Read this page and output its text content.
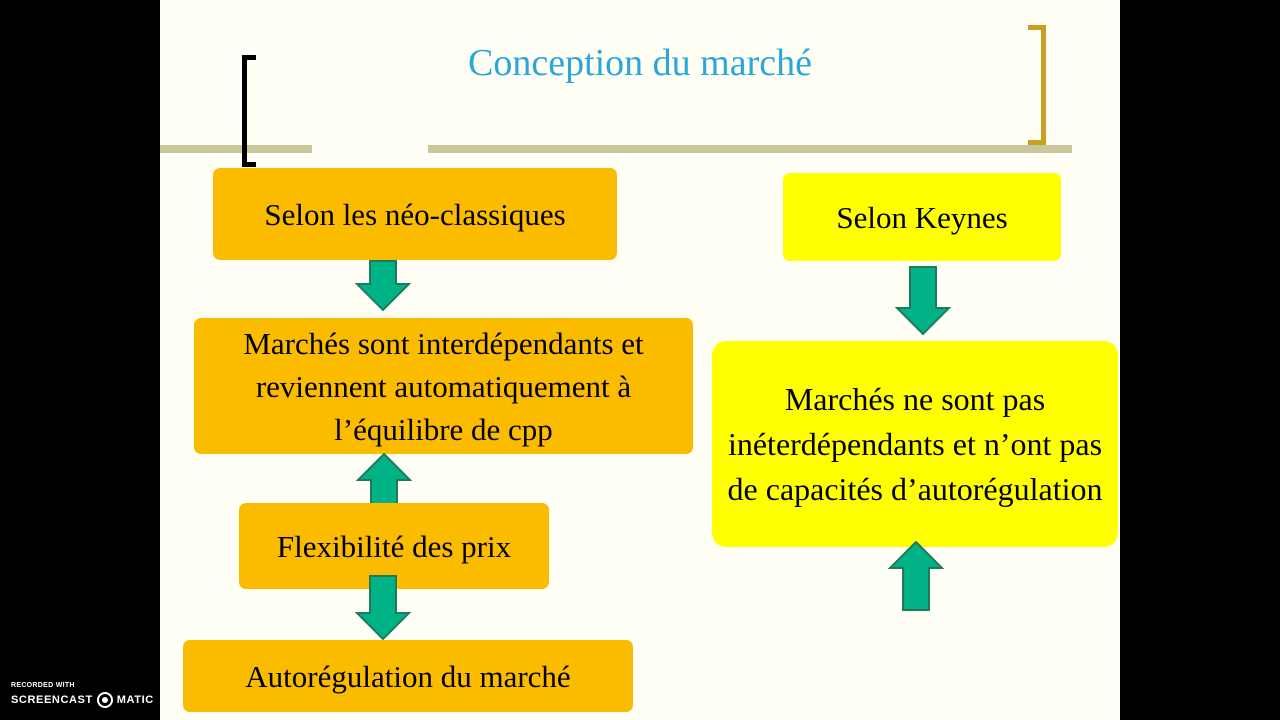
Conception du marché
Selon les néo-classiques
Marchés sont interdépendants et reviennent automatiquement à l’équilibre de cpp
Flexibilité des prix
Autorégulation du marché
Selon Keynes
Marchés ne sont pas inéterdépendants et n’ont pas de capacités d’autorégulation
RECORDED WITH
SCREENCAST MATIC
